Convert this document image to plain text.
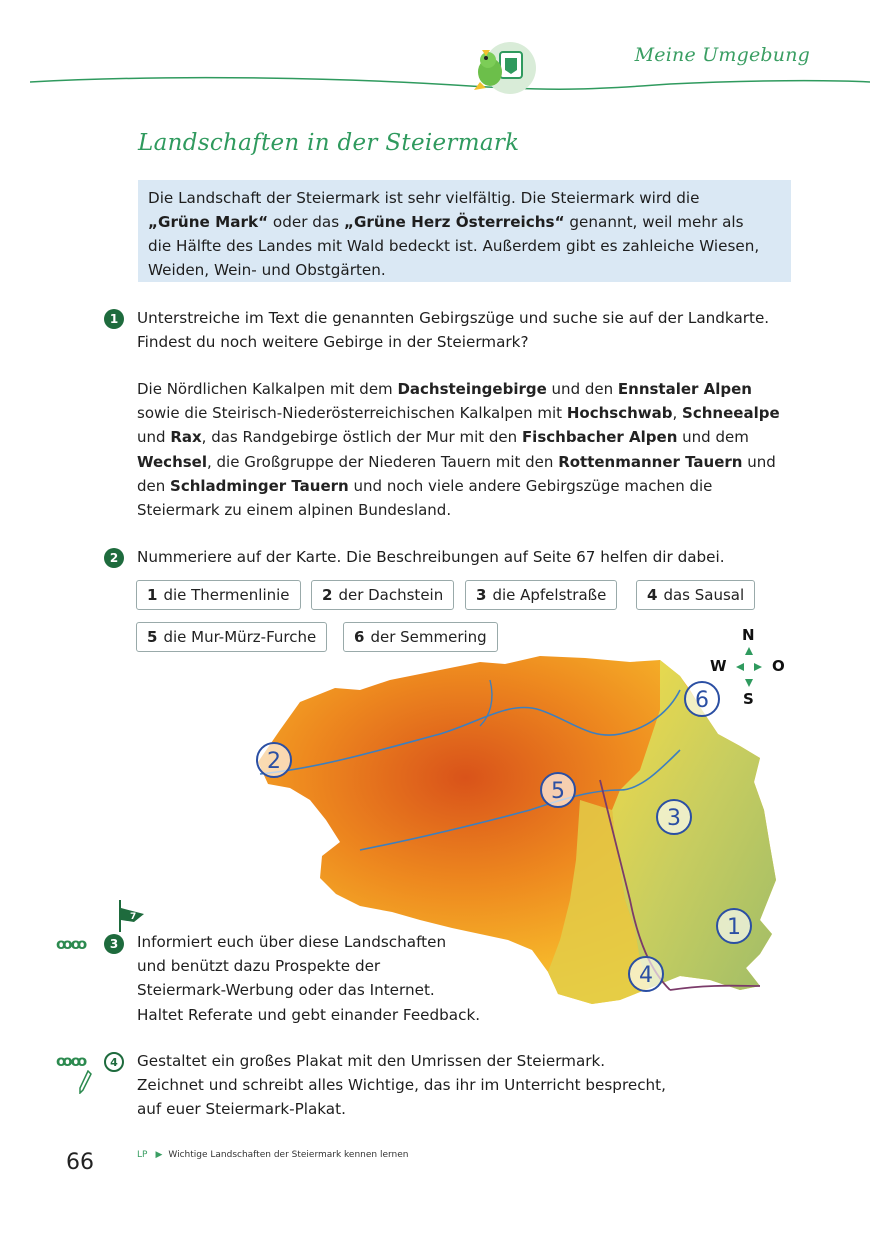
Meine Umgebung
Landschaften in der Steiermark
Die Landschaft der Steiermark ist sehr vielfältig. Die Steiermark wird die
„Grüne Mark“ oder das „Grüne Herz Österreichs“ genannt, weil mehr als
die Hälfte des Landes mit Wald bedeckt ist. Außerdem gibt es zahleiche Wiesen,
Weiden, Wein- und Obstgärten.
1	Unterstreiche im Text die genannten Gebirgszüge und suche sie auf der Landkarte.
Findest du noch weitere Gebirge in der Steiermark?
Die Nördlichen Kalkalpen mit dem Dachsteingebirge und den Ennstaler Alpen sowie die Steirisch-Niederösterreichischen Kalkalpen mit Hochschwab, Schneealpe und Rax, das Randgebirge östlich der Mur mit den Fischbacher Alpen und dem Wechsel, die Großgruppe der Niederen Tauern mit den Rottenmanner Tauern und den Schladminger Tauern und noch viele andere Gebirgszüge machen die Steiermark zu einem alpinen Bundesland.
2	Nummeriere auf der Karte. Die Beschreibungen auf Seite 67 helfen dir dabei.
1 die Thermenlinie	2 der Dachstein	3 die Apfelstraße	4 das Sausal
5 die Mur-Mürz-Furche	6 der Semmering	N
W	O
S
6
2
5
3
1
4
ꝏꝏ
7
3	Informiert euch über diese Landschaften
und benützt dazu Prospekte der
Steiermark-Werbung oder das Internet.
Haltet Referate und gebt einander Feedback.
ꝏꝏ	4	Gestaltet ein großes Plakat mit den Umrissen der Steiermark.
Zeichnet und schreibt alles Wichtige, das ihr im Unterricht besprecht,
auf euer Steiermark-Plakat.
66	LP ▶ Wichtige Landschaften der Steiermark kennen lernen
